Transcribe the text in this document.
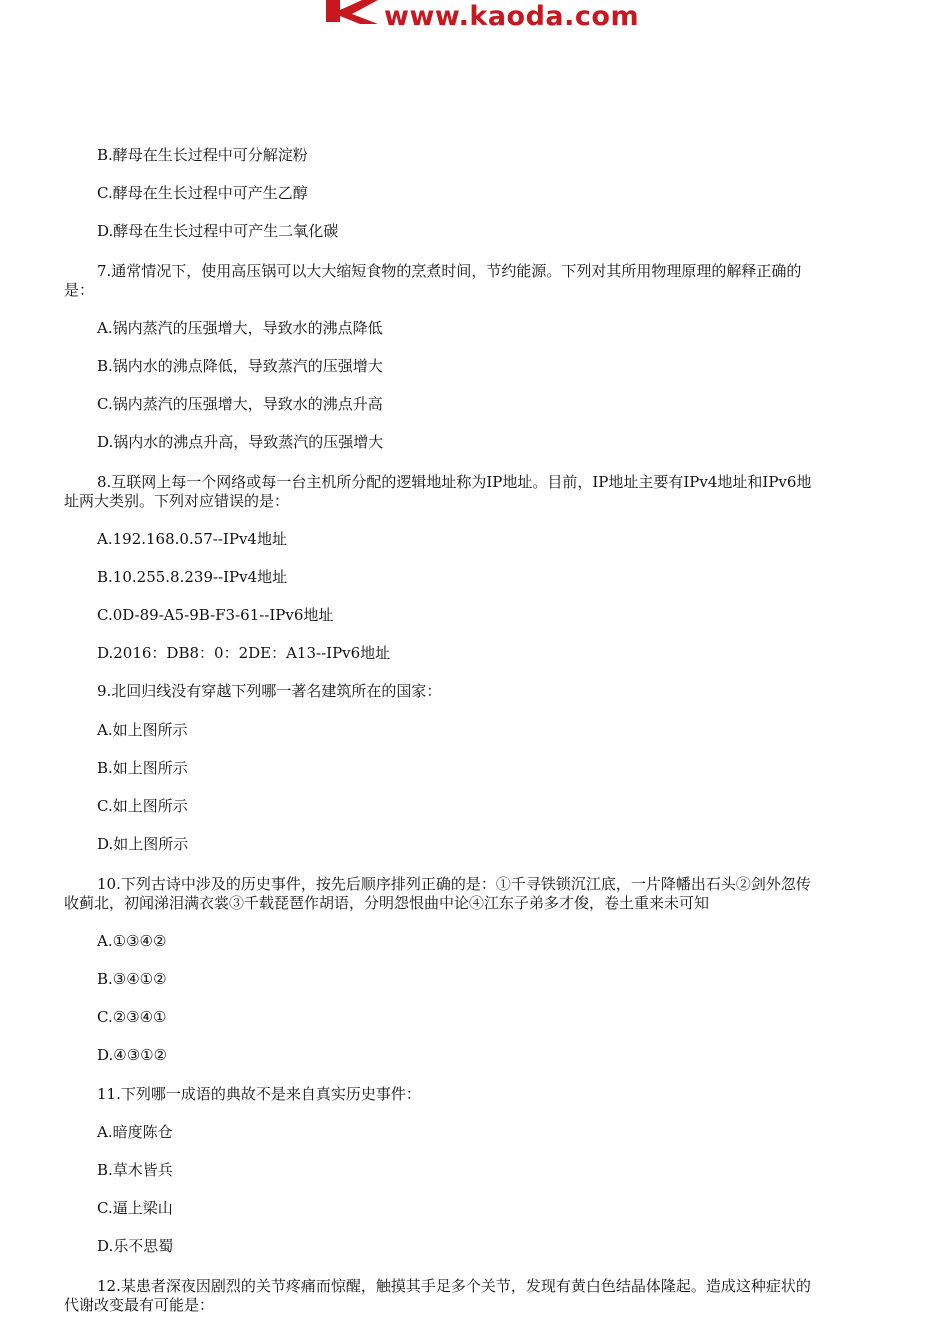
www.kaoda.com
B.酵母在生长过程中可分解淀粉
C.酵母在生长过程中可产生乙醇
D.酵母在生长过程中可产生二氧化碳
7.通常情况下，使用高压锅可以大大缩短食物的烹煮时间，节约能源。下列对其所用物理原理的解释正确的
是：
A.锅内蒸汽的压强增大，导致水的沸点降低
B.锅内水的沸点降低，导致蒸汽的压强增大
C.锅内蒸汽的压强增大，导致水的沸点升高
D.锅内水的沸点升高，导致蒸汽的压强增大
8.互联网上每一个网络或每一台主机所分配的逻辑地址称为IP地址。目前，IP地址主要有IPv4地址和IPv6地
址两大类别。下列对应错误的是：
A.192.168.0.57--IPv4地址
B.10.255.8.239--IPv4地址
C.0D-89-A5-9B-F3-61--IPv6地址
D.2016：DB8：0：2DE：A13--IPv6地址
9.北回归线没有穿越下列哪一著名建筑所在的国家：
A.如上图所示
B.如上图所示
C.如上图所示
D.如上图所示
10.下列古诗中涉及的历史事件，按先后顺序排列正确的是：①千寻铁锁沉江底，一片降幡出石头②剑外忽传
收蓟北，初闻涕泪满衣裳③千载琵琶作胡语，分明怨恨曲中论④江东子弟多才俊，卷土重来未可知
A.①③④②
B.③④①②
C.②③④①
D.④③①②
11.下列哪一成语的典故不是来自真实历史事件：
A.暗度陈仓
B.草木皆兵
C.逼上梁山
D.乐不思蜀
12.某患者深夜因剧烈的关节疼痛而惊醒，触摸其手足多个关节，发现有黄白色结晶体隆起。造成这种症状的
代谢改变最有可能是：
